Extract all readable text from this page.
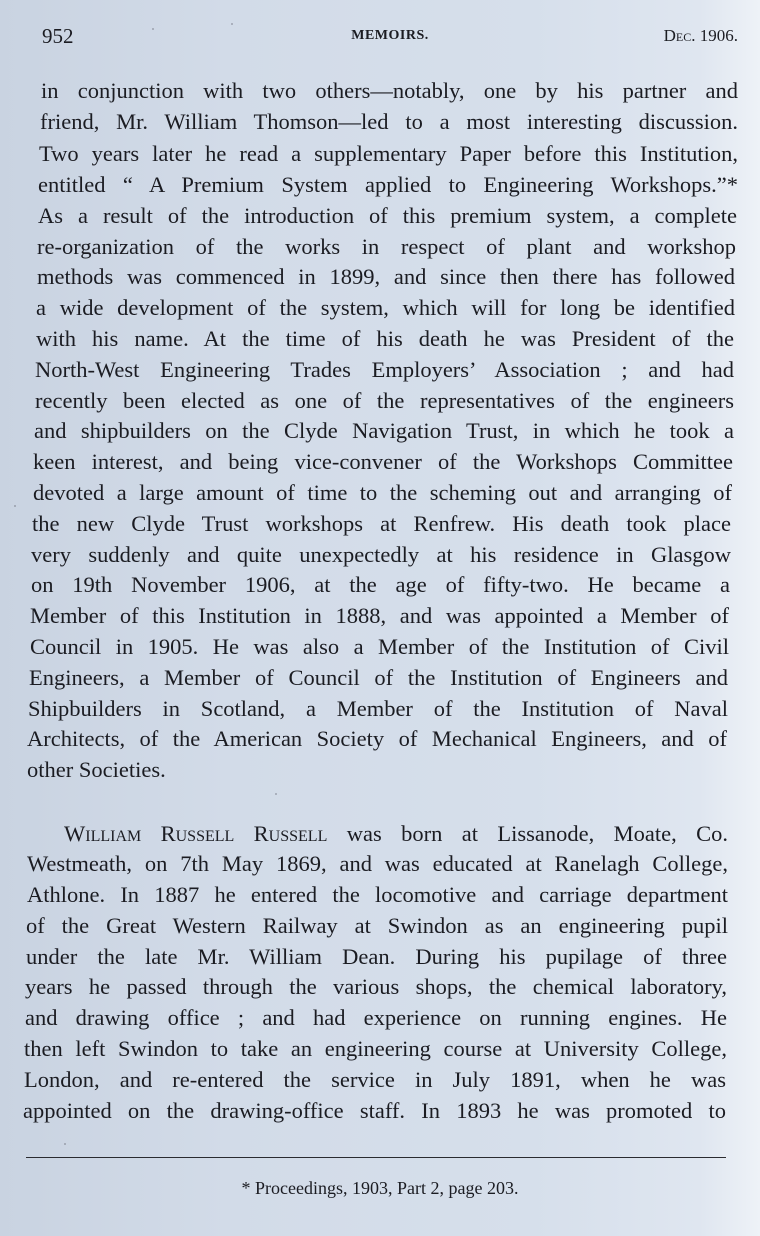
952	MEMOIRS.	Dec. 1906.
in conjunction with two others—notably, one by his partner and
friend, Mr. William Thomson—led to a most interesting discussion.
Two years later he read a supplementary Paper before this Institution,
entitled “ A Premium System applied to Engineering Workshops.”*
As a result of the introduction of this premium system, a complete
re-organization of the works in respect of plant and workshop
methods was commenced in 1899, and since then there has followed
a wide development of the system, which will for long be identified
with his name. At the time of his death he was President of the
North-West Engineering Trades Employers’ Association ; and had
recently been elected as one of the representatives of the engineers
and shipbuilders on the Clyde Navigation Trust, in which he took a
keen interest, and being vice-convener of the Workshops Committee
devoted a large amount of time to the scheming out and arranging of
the new Clyde Trust workshops at Renfrew. His death took place
very suddenly and quite unexpectedly at his residence in Glasgow
on 19th November 1906, at the age of fifty-two. He became a
Member of this Institution in 1888, and was appointed a Member of
Council in 1905. He was also a Member of the Institution of Civil
Engineers, a Member of Council of the Institution of Engineers and
Shipbuilders in Scotland, a Member of the Institution of Naval
Architects, of the American Society of Mechanical Engineers, and of
other Societies.
William Russell Russell was born at Lissanode, Moate, Co.
Westmeath, on 7th May 1869, and was educated at Ranelagh College,
Athlone. In 1887 he entered the locomotive and carriage department
of the Great Western Railway at Swindon as an engineering pupil
under the late Mr. William Dean. During his pupilage of three
years he passed through the various shops, the chemical laboratory,
and drawing office ; and had experience on running engines. He
then left Swindon to take an engineering course at University College,
London, and re-entered the service in July 1891, when he was
appointed on the drawing-office staff. In 1893 he was promoted to
* Proceedings, 1903, Part 2, page 203.
